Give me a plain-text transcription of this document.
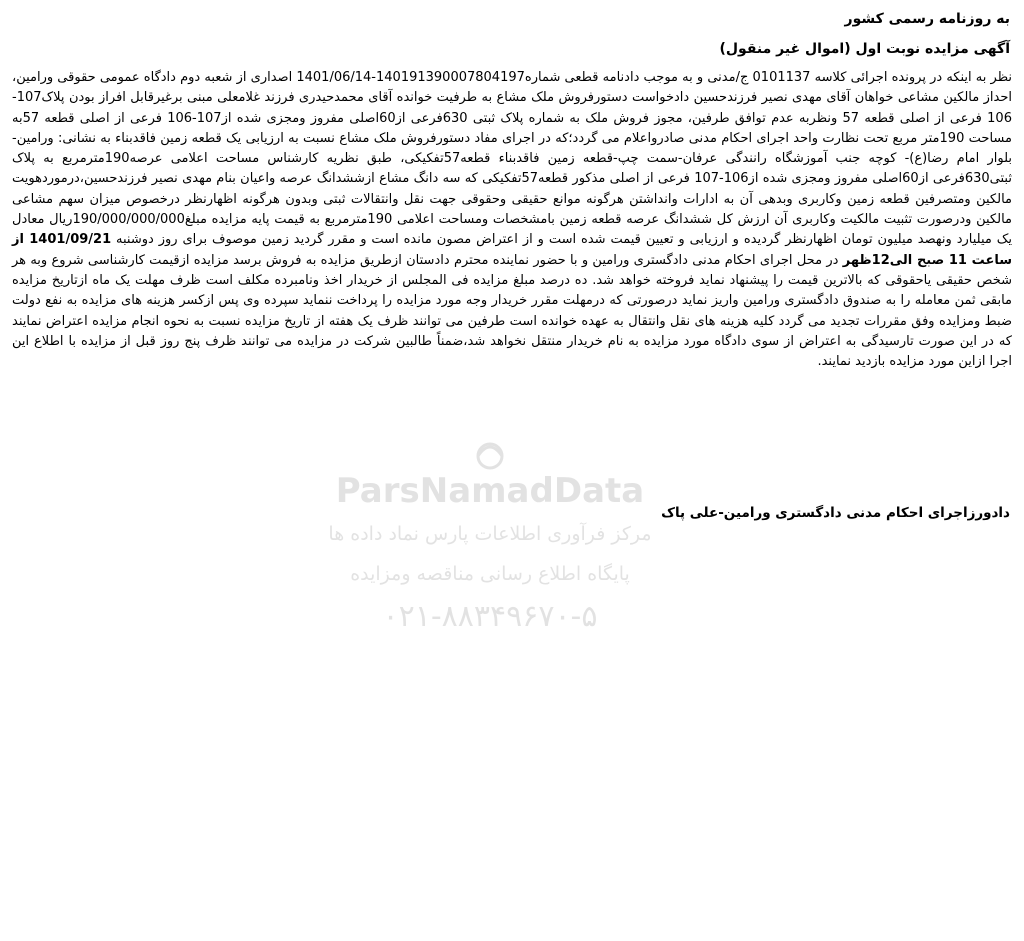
ParsNamadData
مرکز فرآوری اطلاعات پارس نماد داده ها
پایگاه اطلاع رسانی مناقصه ومزایده
۰۲۱-۸۸۳۴۹۶۷۰-۵
به روزنامه رسمی کشور
آگهی مزایده نوبت اول (اموال غیر منقول)
نظر به اینکه در پرونده اجرائی کلاسه 0101137 ج/مدنی و به موجب دادنامه قطعی شماره140191390007804197-1401/06/14 اصداری از شعبه دوم دادگاه عمومی حقوقی ورامین، احداز مالکین مشاعی خواهان آقای مهدی نصیر فرزندحسین دادخواست دستورفروش ملک مشاع به طرفیت خوانده آقای محمدحیدری فرزند غلامعلی مبنی برغیرقابل افراز بودن پلاک107-106 فرعی از اصلی قطعه 57 ونظربه عدم توافق طرفین، مجوز فروش ملک به شماره پلاک ثبتی 630فرعی از60اصلی مفروز ومجزی شده از107-106 فرعی از اصلی قطعه 57به مساحت 190متر مربع تحت نظارت واحد اجرای احکام مدنی صادرواعلام می گردد؛که در اجرای مفاد دستورفروش ملک مشاع نسبت به ارزیابی یک قطعه زمین فاقدبناء به نشانی: ورامین- بلوار امام رضا(ع)- کوچه جنب آموزشگاه رانندگی عرفان-سمت چپ-قطعه زمین فاقدبناء قطعه57تفکیکی، طبق نظریه کارشناس مساحت اعلامی عرصه190مترمربع به پلاک ثبتی630فرعی از60اصلی مفروز ومجزی شده از106-107 فرعی از اصلی مذکور قطعه57تفکیکی که سه دانگ مشاع ازششدانگ عرصه واعیان بنام مهدی نصیر فرزندحسین،درموردهویت مالکین ومتصرفین قطعه زمین وکاربری وبدهی آن به ادارات وانداشتن هرگونه موانع حقیقی وحقوقی جهت نقل وانتقالات ثبتی وبدون هرگونه اظهارنظر درخصوص میزان سهم مشاعی مالکین ودرصورت تثبیت مالکیت وکاربری آن ارزش کل ششدانگ عرصه قطعه زمین بامشخصات ومساحت اعلامی 190مترمربع به قیمت پایه مزایده مبلغ190/000/000/000ریال معادل یک میلیارد ونهصد میلیون تومان اظهارنظر گردیده و ارزیابی و تعیین قیمت شده است و از اعتراض مصون مانده است و مقرر گردید زمین موصوف برای روز دوشنبه 1401/09/21 از ساعت 11 صبح الی12ظهر در محل اجرای احکام مدنی دادگستری ورامین و با حضور نماینده محترم دادستان ازطریق مزایده به فروش برسد مزایده ازقیمت کارشناسی شروع وبه هر شخص حقیقی یاحقوقی که بالاترین قیمت را پیشنهاد نماید فروخته خواهد شد. ده درصد مبلغ مزایده فی المجلس از خریدار اخذ ونامبرده مکلف است ظرف مهلت یک ماه ازتاریخ مزایده مابقی ثمن معامله را به صندوق دادگستری ورامین واریز نماید درصورتی که درمهلت مقرر خریدار وجه مورد مزایده را پرداخت ننماید سپرده وی پس ازکسر هزینه های مزایده به نفع دولت ضبط ومزایده وفق مقررات تجدید می گردد کلیه هزینه های نقل وانتقال به عهده خوانده است طرفین می توانند ظرف یک هفته از تاریخ مزایده نسبت به نحوه انجام مزایده اعتراض نمایند که در این صورت تارسیدگی به اعتراض از سوی دادگاه مورد مزایده به نام خریدار منتقل نخواهد شد،ضمناً طالبین شرکت در مزایده می توانند ظرف پنج روز قبل از مزایده با اطلاع این اجرا ازاین مورد مزایده بازدید نمایند.
دادورزاجرای احکام مدنی دادگستری ورامین-علی پاک
